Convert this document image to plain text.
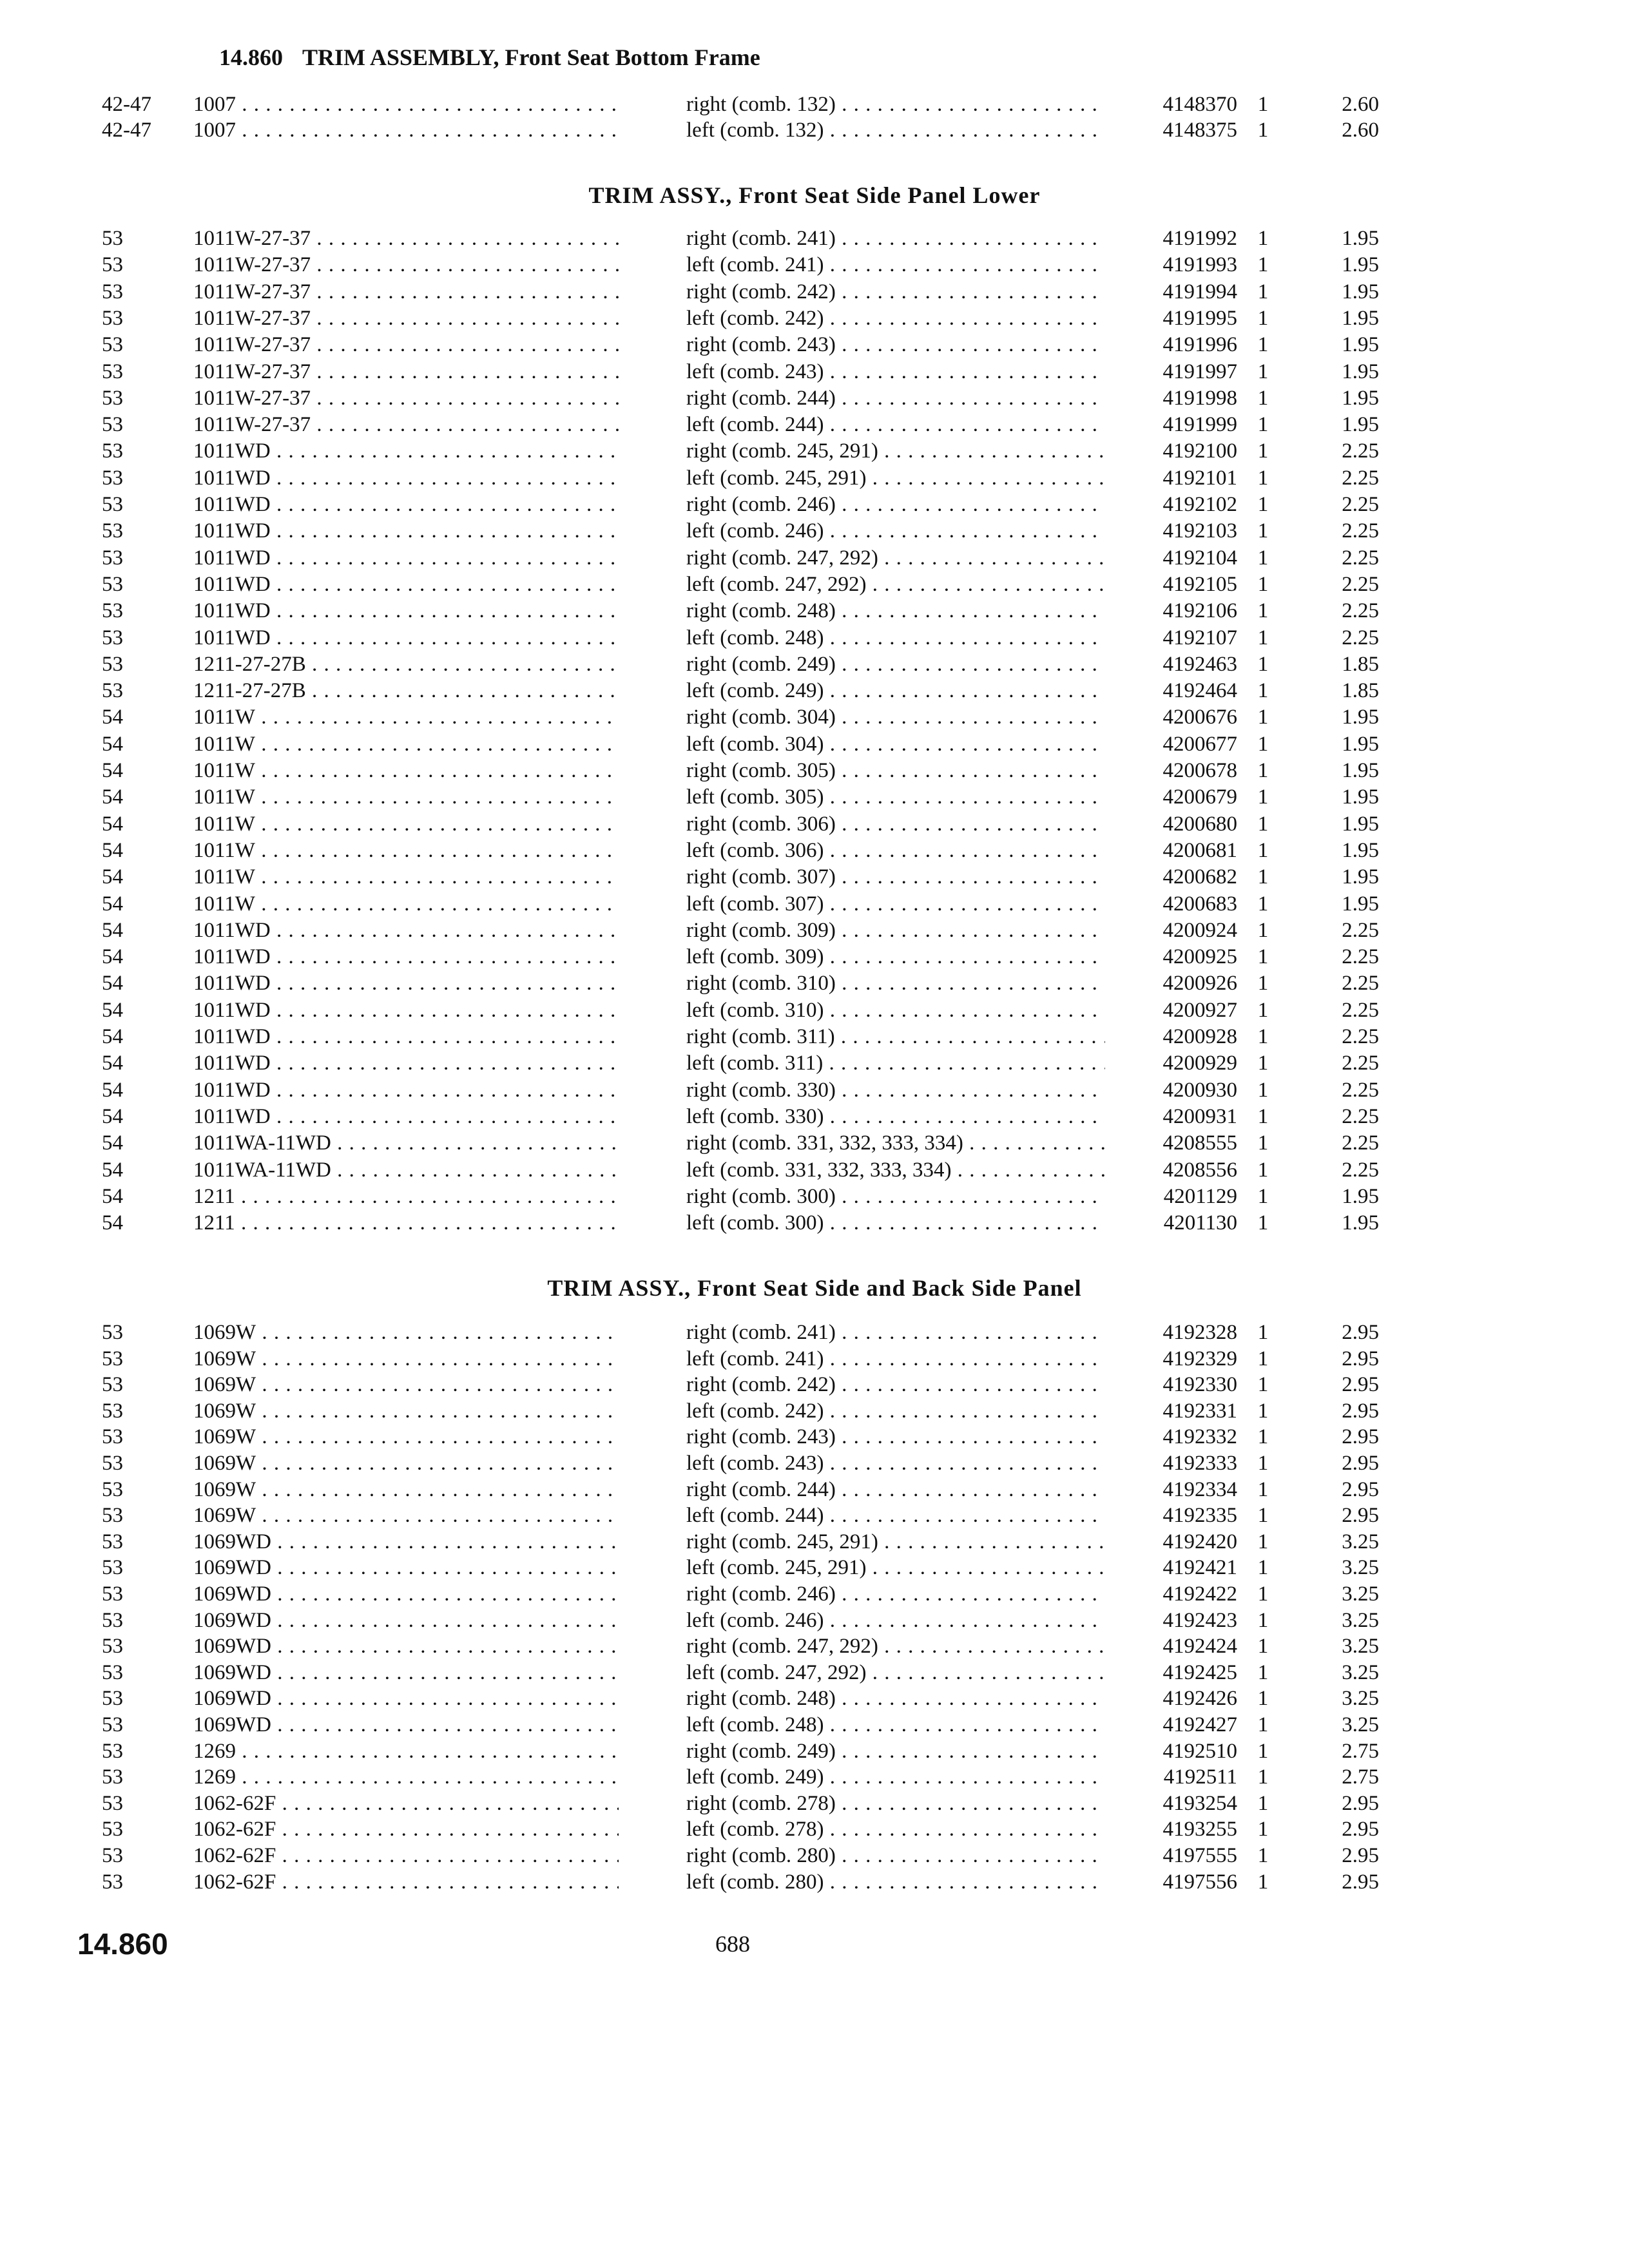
14.860 TRIM ASSEMBLY, Front Seat Bottom Frame
TRIM ASSY., Front Seat Side Panel Lower
TRIM ASSY., Front Seat Side and Back Side Panel
42-47	1007 . . .	right (comb. 132) . . .	4148370 1	2.60
42-47	1007 . . .	left (comb. 132) . . .	4148375 1	2.60
53	1011W-27-37 . . .	right (comb. 241) . . .	4191992 1	1.95
53	1011W-27-37 . . .	left (comb. 241) . . .	4191993 1	1.95
53	1011W-27-37 . . .	right (comb. 242) . . .	4191994 1	1.95
53	1011W-27-37 . . .	left (comb. 242) . . .	4191995 1	1.95
53	1011W-27-37 . . .	right (comb. 243) . . .	4191996 1	1.95
53	1011W-27-37 . . .	left (comb. 243) . . .	4191997 1	1.95
53	1011W-27-37 . . .	right (comb. 244) . . .	4191998 1	1.95
53	1011W-27-37 . . .	left (comb. 244) . . .	4191999 1	1.95
53	1011WD . . .	right (comb. 245, 291) . . .	4192100 1	2.25
53	1011WD . . .	left (comb. 245, 291) . . .	4192101 1	2.25
53	1011WD . . .	right (comb. 246) . . .	4192102 1	2.25
53	1011WD . . .	left (comb. 246) . . .	4192103 1	2.25
53	1011WD . . .	right (comb. 247, 292) . . .	4192104 1	2.25
53	1011WD . . .	left (comb. 247, 292) . . .	4192105 1	2.25
53	1011WD . . .	right (comb. 248) . . .	4192106 1	2.25
53	1011WD . . .	left (comb. 248) . . .	4192107 1	2.25
53	1211-27-27B . . .	right (comb. 249) . . .	4192463 1	1.85
53	1211-27-27B . . .	left (comb. 249) . . .	4192464 1	1.85
54	1011W . . .	right (comb. 304) . . .	4200676 1	1.95
54	1011W . . .	left (comb. 304) . . .	4200677 1	1.95
54	1011W . . .	right (comb. 305) . . .	4200678 1	1.95
54	1011W . . .	left (comb. 305) . . .	4200679 1	1.95
54	1011W . . .	right (comb. 306) . . .	4200680 1	1.95
54	1011W . . .	left (comb. 306) . . .	4200681 1	1.95
54	1011W . . .	right (comb. 307) . . .	4200682 1	1.95
54	1011W . . .	left (comb. 307) . . .	4200683 1	1.95
54	1011WD . . .	right (comb. 309) . . .	4200924 1	2.25
54	1011WD . . .	left (comb. 309) . . .	4200925 1	2.25
54	1011WD . . .	right (comb. 310) . . .	4200926 1	2.25
54	1011WD . . .	left (comb. 310) . . .	4200927 1	2.25
54	1011WD . . .	right (comb. 311) . . .	4200928 1	2.25
54	1011WD . . .	left (comb. 311) . . .	4200929 1	2.25
54	1011WD . . .	right (comb. 330) . . .	4200930 1	2.25
54	1011WD . . .	left (comb. 330) . . .	4200931 1	2.25
54	1011WA-11WD . . .	right (comb. 331, 332, 333, 334) . . .	4208555 1	2.25
54	1011WA-11WD . . .	left (comb. 331, 332, 333, 334) . . .	4208556 1	2.25
54	1211 . . .	right (comb. 300) . . .	4201129 1	1.95
54	1211 . . .	left (comb. 300) . . .	4201130 1	1.95
53	1069W . . .	right (comb. 241) . . .	4192328 1	2.95
53	1069W . . .	left (comb. 241) . . .	4192329 1	2.95
53	1069W . . .	right (comb. 242) . . .	4192330 1	2.95
53	1069W . . .	left (comb. 242) . . .	4192331 1	2.95
53	1069W . . .	right (comb. 243) . . .	4192332 1	2.95
53	1069W . . .	left (comb. 243) . . .	4192333 1	2.95
53	1069W . . .	right (comb. 244) . . .	4192334 1	2.95
53	1069W . . .	left (comb. 244) . . .	4192335 1	2.95
53	1069WD . . .	right (comb. 245, 291) . . .	4192420 1	3.25
53	1069WD . . .	left (comb. 245, 291) . . .	4192421 1	3.25
53	1069WD . . .	right (comb. 246) . . .	4192422 1	3.25
53	1069WD . . .	left (comb. 246) . . .	4192423 1	3.25
53	1069WD . . .	right (comb. 247, 292) . . .	4192424 1	3.25
53	1069WD . . .	left (comb. 247, 292) . . .	4192425 1	3.25
53	1069WD . . .	right (comb. 248) . . .	4192426 1	3.25
53	1069WD . . .	left (comb. 248) . . .	4192427 1	3.25
53	1269 . . .	right (comb. 249) . . .	4192510 1	2.75
53	1269 . . .	left (comb. 249) . . .	4192511 1	2.75
53	1062-62F . . .	right (comb. 278) . . .	4193254 1	2.95
53	1062-62F . . .	left (comb. 278) . . .	4193255 1	2.95
53	1062-62F . . .	right (comb. 280) . . .	4197555 1	2.95
53	1062-62F . . .	left (comb. 280) . . .	4197556 1	2.95
14.860	688
